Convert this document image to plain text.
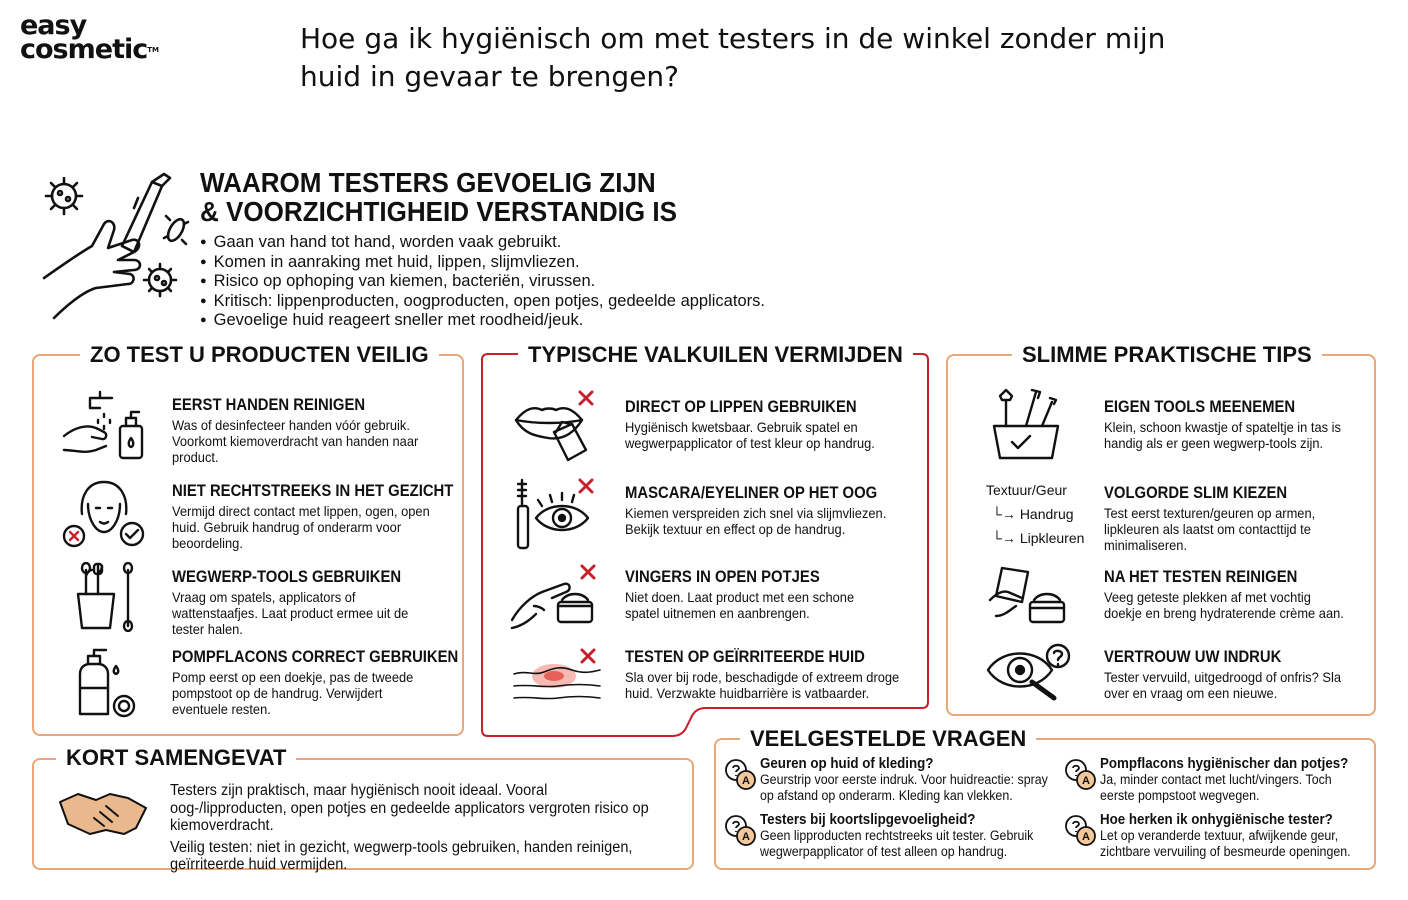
easy
cosmetic™	Hoe ga ik hygiënisch om met testers in de winkel zonder mijn huid in gevaar te brengen?
WAAROM TESTERS GEVOELIG ZIJN
& VOORZICHTIGHEID VERSTANDIG IS
● Gaan van hand tot hand, worden vaak gebruikt.
● Komen in aanraking met huid, lippen, slijmvliezen.
● Risico op ophoping van kiemen, bacteriën, virussen.
● Kritisch: lippenproducten, oogproducten, open potjes, gedeelde applicators.
● Gevoelige huid reageert sneller met roodheid/jeuk.
ZO TEST U PRODUCTEN VEILIG
EERST HANDEN REINIGEN

Was of desinfecteer handen vóór gebruik. Voorkomt kiemoverdracht van handen naar product.

NIET RECHTSTREEKS IN HET GEZICHT

Vermijd direct contact met lippen, ogen, open huid. Gebruik handrug of onderarm voor beoordeling.

WEGWERP-TOOLS GEBRUIKEN

Vraag om spatels, applicators of wattenstaafjes. Laat product ermee uit de tester halen.

POMPFLACONS CORRECT GEBRUIKEN

Pomp eerst op een doekje, pas de tweede pompstoot op de handrug. Verwijdert eventuele resten.

TYPISCHE VALKUILEN VERMIJDEN
DIRECT OP LIPPEN GEBRUIKEN

Hygiënisch kwetsbaar. Gebruik spatel en wegwerpapplicator of test kleur op handrug.

MASCARA/EYELINER OP HET OOG

Kiemen verspreiden zich snel via slijmvliezen. Bekijk textuur en effect op de handrug.

VINGERS IN OPEN POTJES

Niet doen. Laat product met een schone spatel uitnemen en aanbrengen.

TESTEN OP GEÏRRITEERDE HUID

Sla over bij rode, beschadigde of extreem droge huid. Verzwakte huidbarrière is vatbaarder.

SLIMME PRAKTISCHE TIPS
EIGEN TOOLS MEENEMEN

Klein, schoon kwastje of spateltje in tas is handig als er geen wegwerp-tools zijn.

Textuur/Geur
└→ Handrug
└→ Lipkleuren
VOLGORDE SLIM KIEZEN

Test eerst texturen/geuren op armen, lipkleuren als laatst om contacttijd te minimaliseren.

NA HET TESTEN REINIGEN

Veeg geteste plekken af met vochtig doekje en breng hydraterende crème aan.

VERTROUW UW INDRUK

Tester vervuild, uitgedroogd of onfris? Sla over en vraag om een nieuwe.

KORT SAMENGEVAT

Testers zijn praktisch, maar hygiënisch nooit ideaal. Vooral oog-/lipproducten, open potjes en gedeelde applicators vergroten risico op kiemoverdracht.

Veilig testen: niet in gezicht, wegwerp-tools gebruiken, handen reinigen, geïrriteerde huid vermijden.

VEELGESTELDE VRAGEN
A
Geuren op huid of kleding?

Geurstrip voor eerste indruk. Voor huidreactie: spray op afstand op onderarm. Kleding kan vlekken.

A
Testers bij koortslipgevoeligheid?

Geen lipproducten rechtstreeks uit tester. Gebruik wegwerpapplicator of test alleen op handrug.

A
Pompflacons hygiënischer dan potjes?

Ja, minder contact met lucht/vingers. Toch eerste pompstoot wegvegen.

A
Hoe herken ik onhygiënische tester?

Let op veranderde textuur, afwijkende geur, zichtbare vervuiling of besmeurde openingen.
